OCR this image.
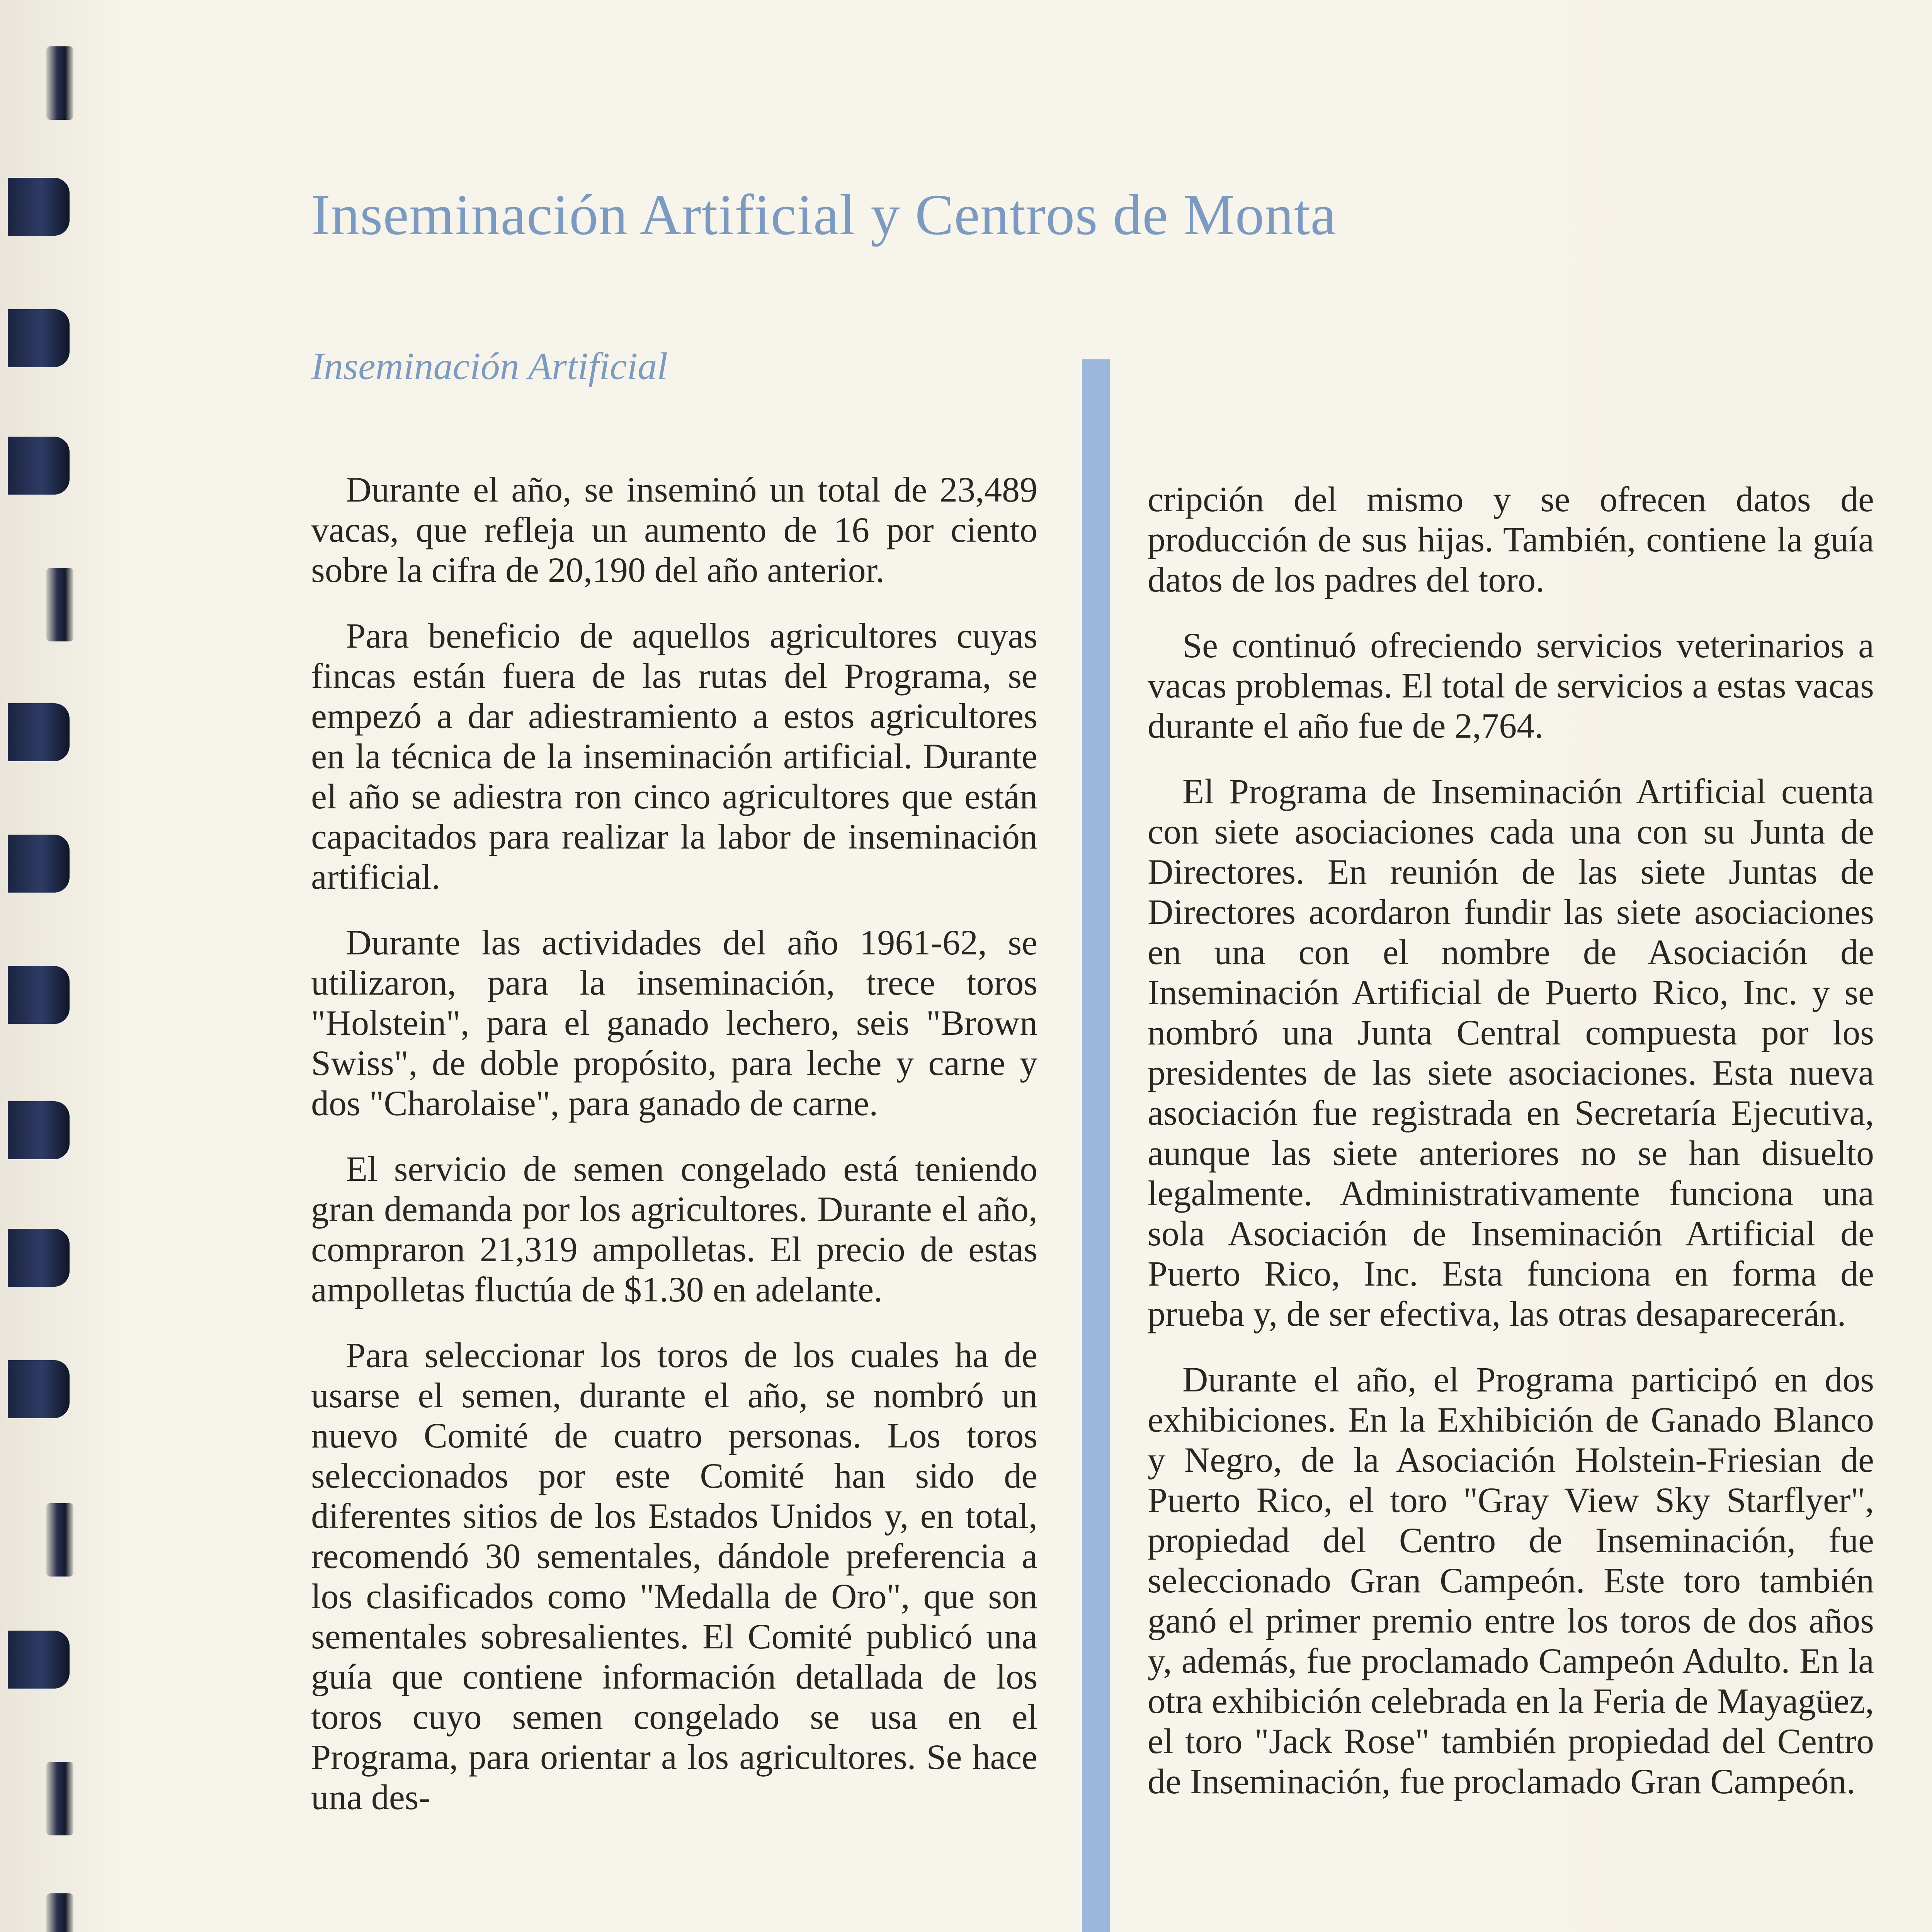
Inseminación Artificial y Centros de Monta
Inseminación Artificial

Durante el año, se inseminó un total de 23,489 vacas, que refleja un aumento de 16 por ciento sobre la cifra de 20,190 del año anterior.

Para beneficio de aquellos agricultores cuyas fincas están fuera de las rutas del Programa, se empezó a dar adiestramiento a estos agricultores en la técnica de la inseminación artificial. Durante el año se adiestra ron cinco agricultores que están capacitados para realizar la labor de inseminación artificial.

Durante las actividades del año 1961-62, se utilizaron, para la inseminación, trece toros "Holstein", para el ganado lechero, seis "Brown Swiss", de doble propósito, para leche y carne y dos "Charolaise", para ganado de carne.

El servicio de semen congelado está teniendo gran demanda por los agricultores. Durante el año, compraron 21,319 ampolletas. El precio de estas ampolletas fluctúa de $1.30 en adelante.

Para seleccionar los toros de los cuales ha de usarse el semen, durante el año, se nombró un nuevo Comité de cuatro personas. Los toros seleccionados por este Comité han sido de diferentes sitios de los Estados Unidos y, en total, recomendó 30 sementales, dándole preferencia a los clasificados como "Medalla de Oro", que son sementales sobresalientes. El Comité publicó una guía que contiene información detallada de los toros cuyo semen congelado se usa en el Programa, para orientar a los agricultores. Se hace una des-

cripción del mismo y se ofrecen datos de producción de sus hijas. También, contiene la guía datos de los padres del toro.

Se continuó ofreciendo servicios veterinarios a vacas problemas. El total de servicios a estas vacas durante el año fue de 2,764.

El Programa de Inseminación Artificial cuenta con siete asociaciones cada una con su Junta de Directores. En reunión de las siete Juntas de Directores acordaron fundir las siete asociaciones en una con el nombre de Asociación de Inseminación Artificial de Puerto Rico, Inc. y se nombró una Junta Central compuesta por los presidentes de las siete asociaciones. Esta nueva asociación fue registrada en Secretaría Ejecutiva, aunque las siete anteriores no se han disuelto legalmente. Administrativamente funciona una sola Asociación de Inseminación Artificial de Puerto Rico, Inc. Esta funciona en forma de prueba y, de ser efectiva, las otras desaparecerán.

Durante el año, el Programa participó en dos exhibiciones. En la Exhibición de Ganado Blanco y Negro, de la Asociación Holstein-Friesian de Puerto Rico, el toro "Gray View Sky Starflyer", propiedad del Centro de Inseminación, fue seleccionado Gran Campeón. Este toro también ganó el primer premio entre los toros de dos años y, además, fue proclamado Campeón Adulto. En la otra exhibición celebrada en la Feria de Mayagüez, el toro "Jack Rose" también propiedad del Centro de Inseminación, fue proclamado Gran Campeón.
